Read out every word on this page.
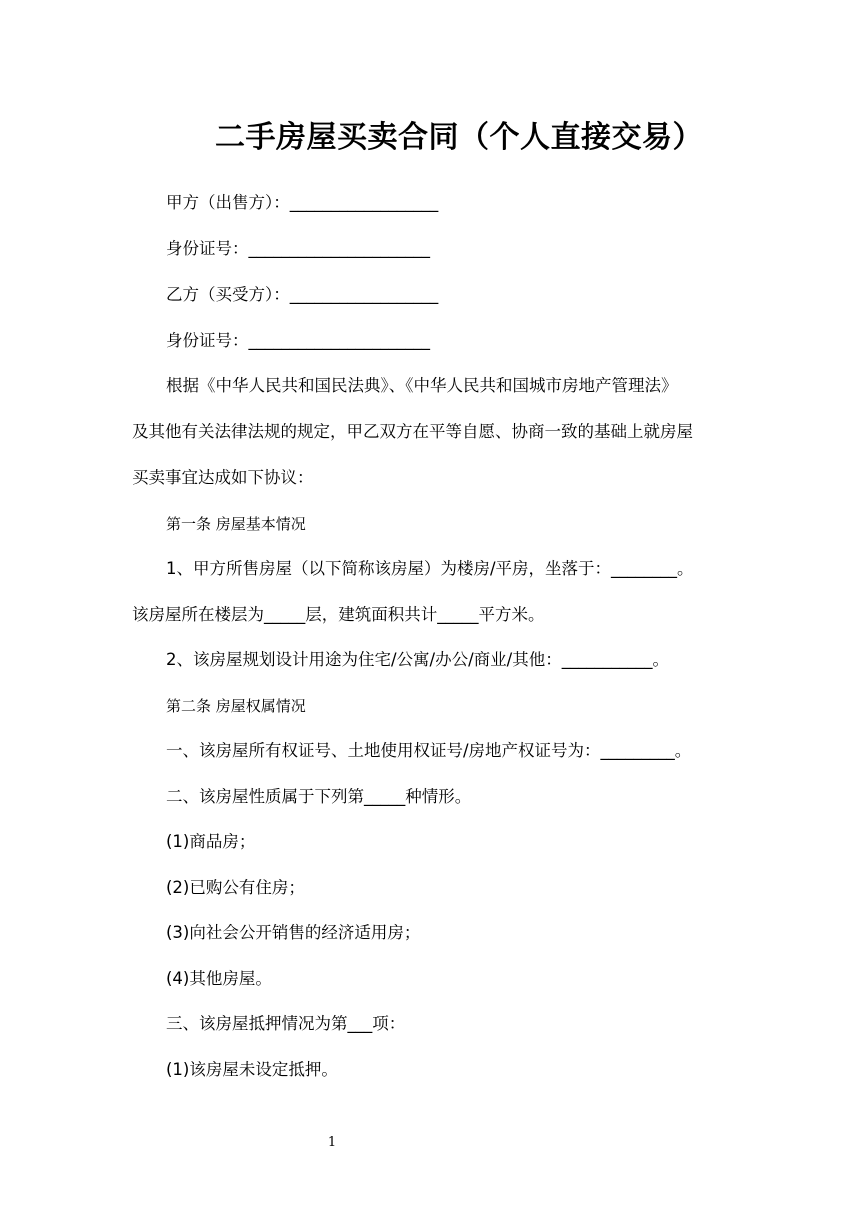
二手房屋买卖合同（个人直接交易）
甲方（出售方）：__________________
身份证号：______________________
乙方（买受方）：__________________
身份证号：______________________
根据《中华人民共和国民法典》、《中华人民共和国城市房地产管理法》
及其他有关法律法规的规定，甲乙双方在平等自愿、协商一致的基础上就房屋
买卖事宜达成如下协议：
第一条 房屋基本情况
1、甲方所售房屋（以下简称该房屋）为楼房/平房，坐落于：________。
该房屋所在楼层为_____层，建筑面积共计_____平方米。
2、该房屋规划设计用途为住宅/公寓/办公/商业/其他：___________。
第二条 房屋权属情况
一、该房屋所有权证号、土地使用权证号/房地产权证号为：_________。
二、该房屋性质属于下列第_____种情形。
(1)商品房；
(2)已购公有住房；
(3)向社会公开销售的经济适用房；
(4)其他房屋。
三、该房屋抵押情况为第___项：
(1)该房屋未设定抵押。
1
